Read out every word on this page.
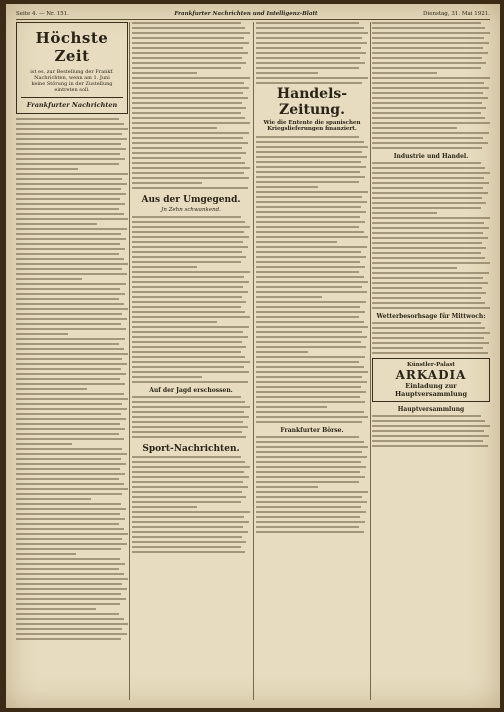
Seite 4. — Nr. 151.	Frankfurter Nachrichten und Intelligenz-Blatt	Dienstag, 31. Mai 1921.
Höchste Zeit
ist es, zur Bestellung der Frankf. Nachrichten, wenn am 1. Juni keine Störung in der Zustellung eintreten soll.
Frankfurter Nachrichten
Aus der Umgegend.
Jn Zehn schwankend.
Auf der Jagd erschossen.
Sport-Nachrichten.
Handels-Zeitung.
Wie die Entente die spanischen Kriegslieferungen finanziert.
Frankfurter Börse.
Industrie und Handel.
Wetterbesorhsage für Mittwoch:
Künstler-Palast
ARKADIA
Einladung zur Hauptversammlung
Hauptversammlung
